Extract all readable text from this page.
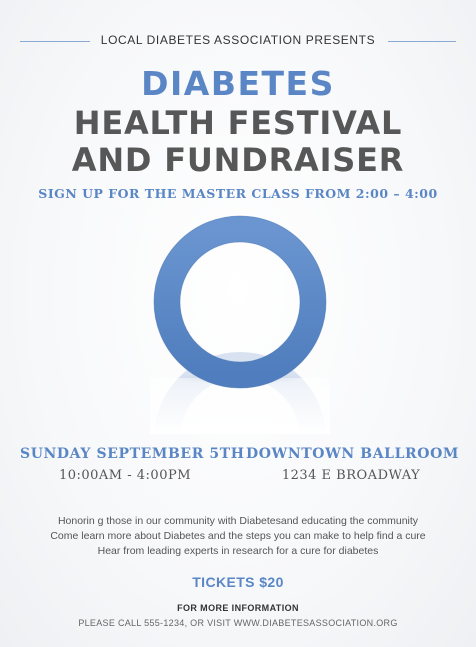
LOCAL DIABETES ASSOCIATION PRESENTS
DIABETES
HEALTH FESTIVAL
AND FUNDRAISER
SIGN UP FOR THE MASTER CLASS FROM 2:00 – 4:00
SUNDAY SEPTEMBER 5TH
10:00AM - 4:00PM
DOWNTOWN BALLROOM
1234 E BROADWAY
Honorin g those in our community with Diabetesand educating the community
Come learn more about Diabetes and the steps you can make to help find a cure
Hear from leading experts in research for a cure for diabetes
TICKETS $20
FOR MORE INFORMATION
PLEASE CALL 555-1234, OR VISIT WWW.DIABETESASSOCIATION.ORG
